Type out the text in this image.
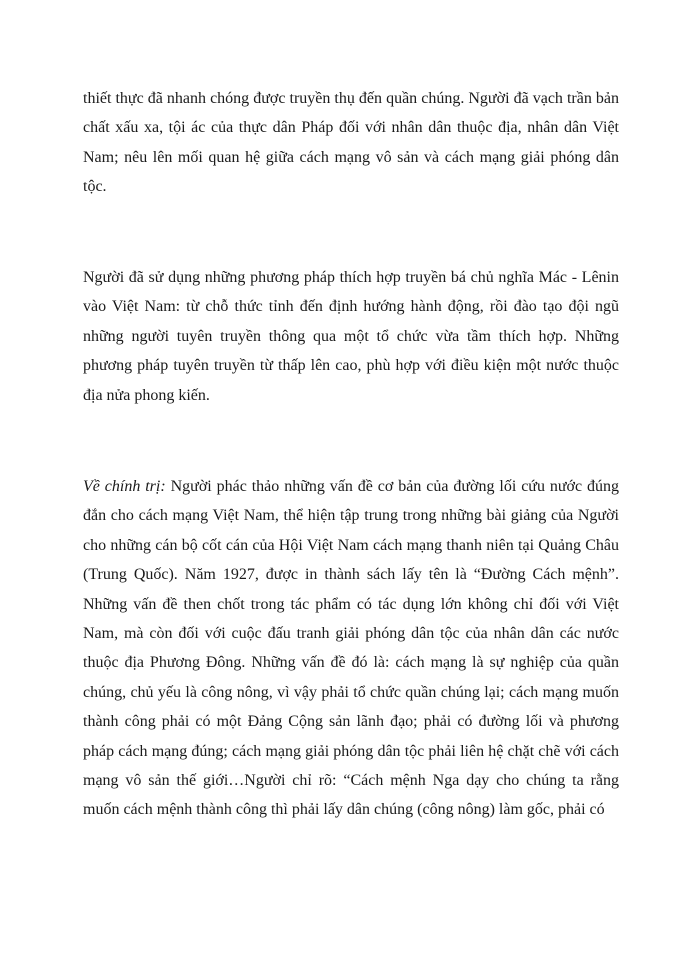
thiết thực đã nhanh chóng được truyền thụ đến quần chúng. Người đã vạch trần bản chất xấu xa, tội ác của thực dân Pháp đối với nhân dân thuộc địa, nhân dân Việt Nam; nêu lên mối quan hệ giữa cách mạng vô sản và cách mạng giải phóng dân tộc.

Người đã sử dụng những phương pháp thích hợp truyền bá chủ nghĩa Mác - Lênin vào Việt Nam: từ chỗ thức tỉnh đến định hướng hành động, rồi đào tạo đội ngũ những người tuyên truyền thông qua một tổ chức vừa tầm thích hợp. Những phương pháp tuyên truyền từ thấp lên cao, phù hợp với điều kiện một nước thuộc địa nửa phong kiến.

Về chính trị: Người phác thảo những vấn đề cơ bản của đường lối cứu nước đúng đắn cho cách mạng Việt Nam, thể hiện tập trung trong những bài giảng của Người cho những cán bộ cốt cán của Hội Việt Nam cách mạng thanh niên tại Quảng Châu (Trung Quốc). Năm 1927, được in thành sách lấy tên là “Đường Cách mệnh”. Những vấn đề then chốt trong tác phẩm có tác dụng lớn không chỉ đối với Việt Nam, mà còn đối với cuộc đấu tranh giải phóng dân tộc của nhân dân các nước thuộc địa Phương Đông. Những vấn đề đó là: cách mạng là sự nghiệp của quần chúng, chủ yếu là công nông, vì vậy phải tổ chức quần chúng lại; cách mạng muốn thành công phải có một Đảng Cộng sản lãnh đạo; phải có đường lối và phương pháp cách mạng đúng; cách mạng giải phóng dân tộc phải liên hệ chặt chẽ với cách mạng vô sản thế giới…Người chỉ rõ: “Cách mệnh Nga dạy cho chúng ta rằng muốn cách mệnh thành công thì phải lấy dân chúng (công nông) làm gốc, phải có
